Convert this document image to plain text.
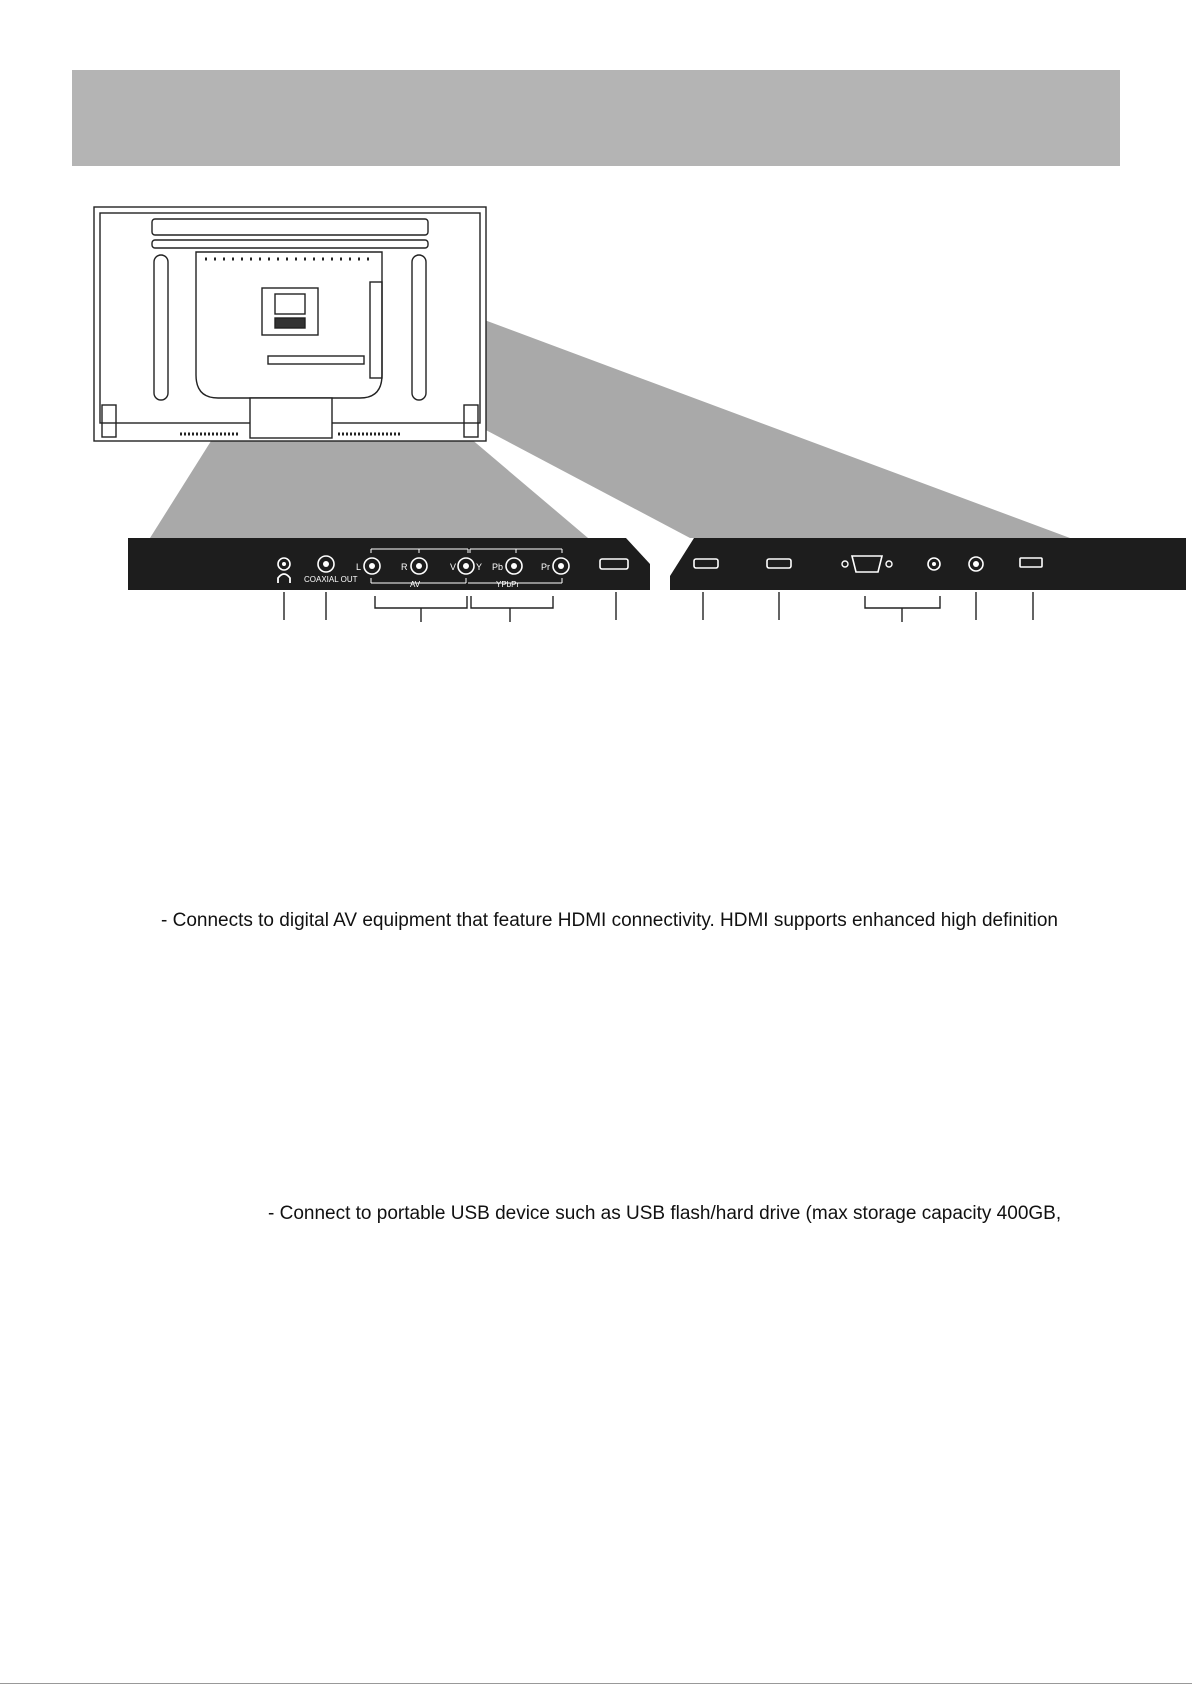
COAXIAL OUT
L	R	V Y Pb	Pr
AV	YPbPr
- Connects to digital AV equipment that feature HDMI connectivity. HDMI supports enhanced high definition
- Connect to portable USB device such as USB flash/hard drive (max storage capacity 400GB,
